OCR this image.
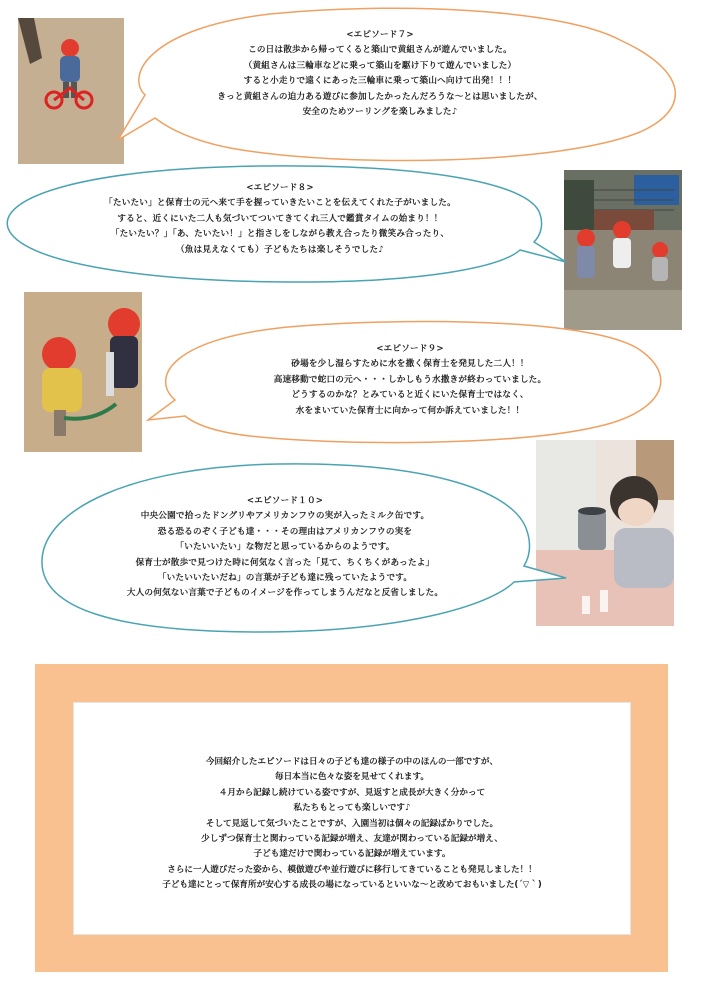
<エピソード７>
この日は散歩から帰ってくると築山で黄組さんが遊んでいました。
（黄組さんは三輪車などに乗って築山を駆け下りて遊んでいました）
すると小走りで遠くにあった三輪車に乗って築山へ向けて出発！！！
きっと黄組さんの迫力ある遊びに参加したかったんだろうな～とは思いましたが、
安全のためツーリングを楽しみました♪
<エピソード８>
「たいたい」と保育士の元へ来て手を握っていきたいことを伝えてくれた子がいました。
すると、近くにいた二人も気づいてついてきてくれ三人で鑑賞タイムの始まり！！
「たいたい？」「あ、たいたい！」と指さしをしながら教え合ったり微笑み合ったり、
（魚は見えなくても）子どもたちは楽しそうでした♪
<エピソード９>
砂場を少し湿らすために水を撒く保育士を発見した二人！！
高速移動で蛇口の元へ・・・しかしもう水撒きが終わっていました。
どうするのかな？とみていると近くにいた保育士ではなく、
水をまいていた保育士に向かって何か訴えていました！！
<エピソード１０>
中央公園で拾ったドングリやアメリカンフウの実が入ったミルク缶です。
恐る恐るのぞく子ども達・・・その理由はアメリカンフウの実を
「いたいいたい」な物だと思っているからのようです。
保育士が散歩で見つけた時に何気なく言った「見て、ちくちくがあったよ」
「いたいいたいだね」の言葉が子ども達に残っていたようです。
大人の何気ない言葉で子どものイメージを作ってしまうんだなと反省しました。
今回紹介したエピソードは日々の子ども達の様子の中のほんの一部ですが、
毎日本当に色々な姿を見せてくれます。
４月から記録し続けている姿ですが、見返すと成長が大きく分かって
私たちもとっても楽しいです♪
そして見返して気づいたことですが、入園当初は個々の記録ばかりでした。
少しずつ保育士と関わっている記録が増え、友達が関わっている記録が増え、
子ども達だけで関わっている記録が増えています。
さらに一人遊びだった姿から、模倣遊びや並行遊びに移行してきていることも発見しました！！
子ども達にとって保育所が安心する成長の場になっているといいな～と改めておもいました(´▽｀)
